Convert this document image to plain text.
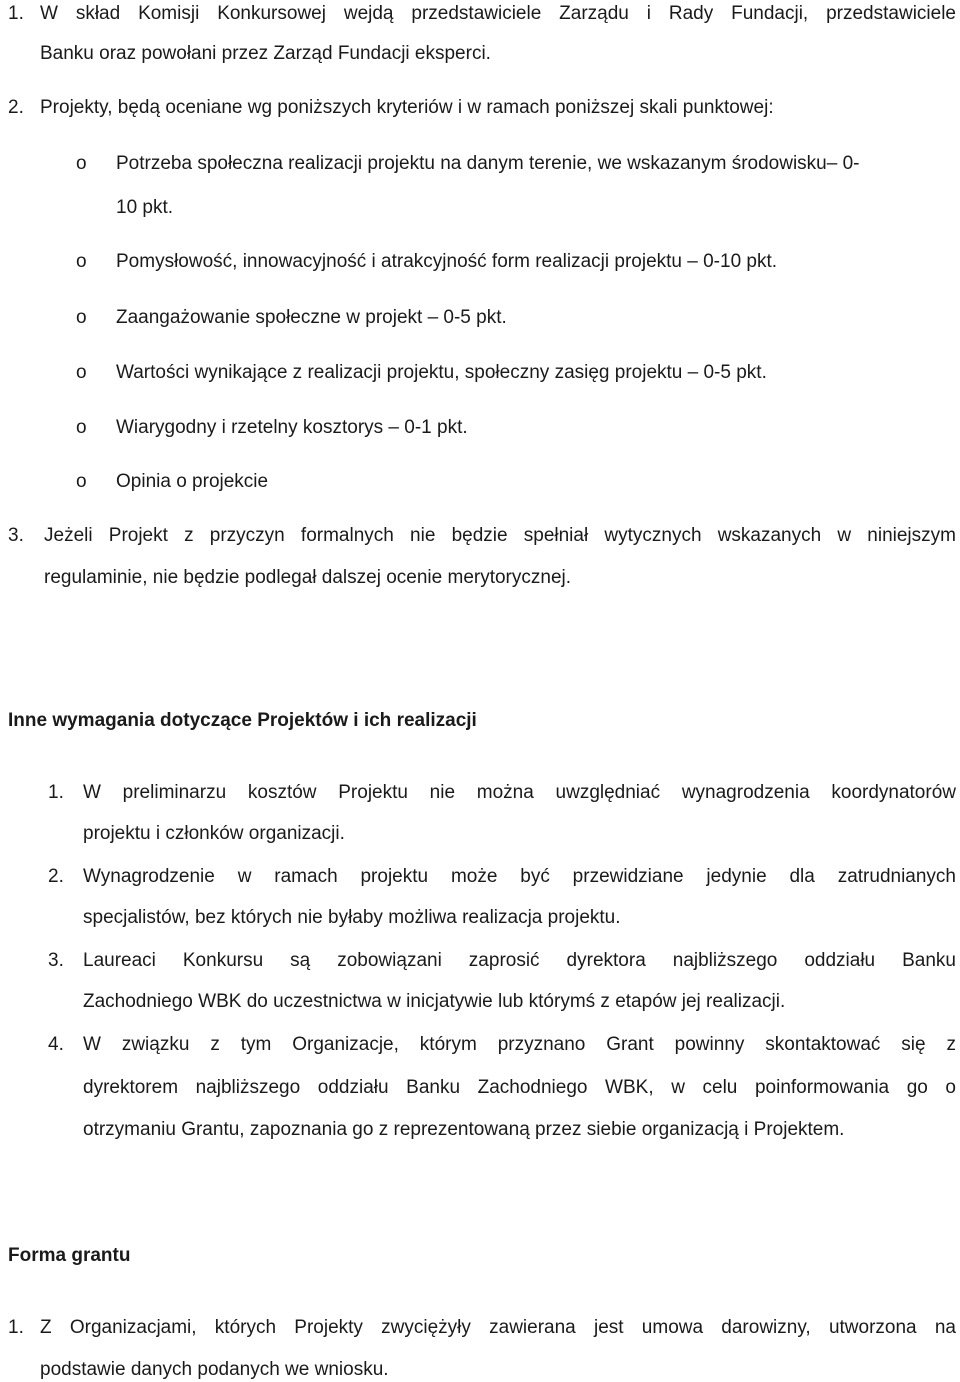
1. W skład Komisji Konkursowej wejdą przedstawiciele Zarządu i Rady Fundacji, przedstawiciele
Banku oraz powołani przez Zarząd Fundacji eksperci.
2. Projekty, będą oceniane wg poniższych kryteriów i w ramach poniższej skali punktowej:
o Potrzeba społeczna realizacji projektu na danym terenie, we wskazanym środowisku– 0-
10 pkt.
o Pomysłowość, innowacyjność i atrakcyjność form realizacji projektu – 0-10 pkt.
o Zaangażowanie społeczne w projekt – 0-5 pkt.
o Wartości wynikające z realizacji projektu, społeczny zasięg projektu – 0-5 pkt.
o Wiarygodny i rzetelny kosztorys – 0-1 pkt.
o Opinia o projekcie
3. Jeżeli Projekt z przyczyn formalnych nie będzie spełniał wytycznych wskazanych w niniejszym
regulaminie, nie będzie podlegał dalszej ocenie merytorycznej.
Inne wymagania dotyczące Projektów i ich realizacji
1. W preliminarzu kosztów Projektu nie można uwzględniać wynagrodzenia koordynatorów
projektu i członków organizacji.
2. Wynagrodzenie w ramach projektu może być przewidziane jedynie dla zatrudnianych
specjalistów, bez których nie byłaby możliwa realizacja projektu.
3. Laureaci Konkursu są zobowiązani zaprosić dyrektora najbliższego oddziału Banku
Zachodniego WBK do uczestnictwa w inicjatywie lub którymś z etapów jej realizacji.
4. W związku z tym Organizacje, którym przyznano Grant powinny skontaktować się z
dyrektorem najbliższego oddziału Banku Zachodniego WBK, w celu poinformowania go o
otrzymaniu Grantu, zapoznania go z reprezentowaną przez siebie organizacją i Projektem.
Forma grantu
1. Z Organizacjami, których Projekty zwyciężyły zawierana jest umowa darowizny, utworzona na
podstawie danych podanych we wniosku.
